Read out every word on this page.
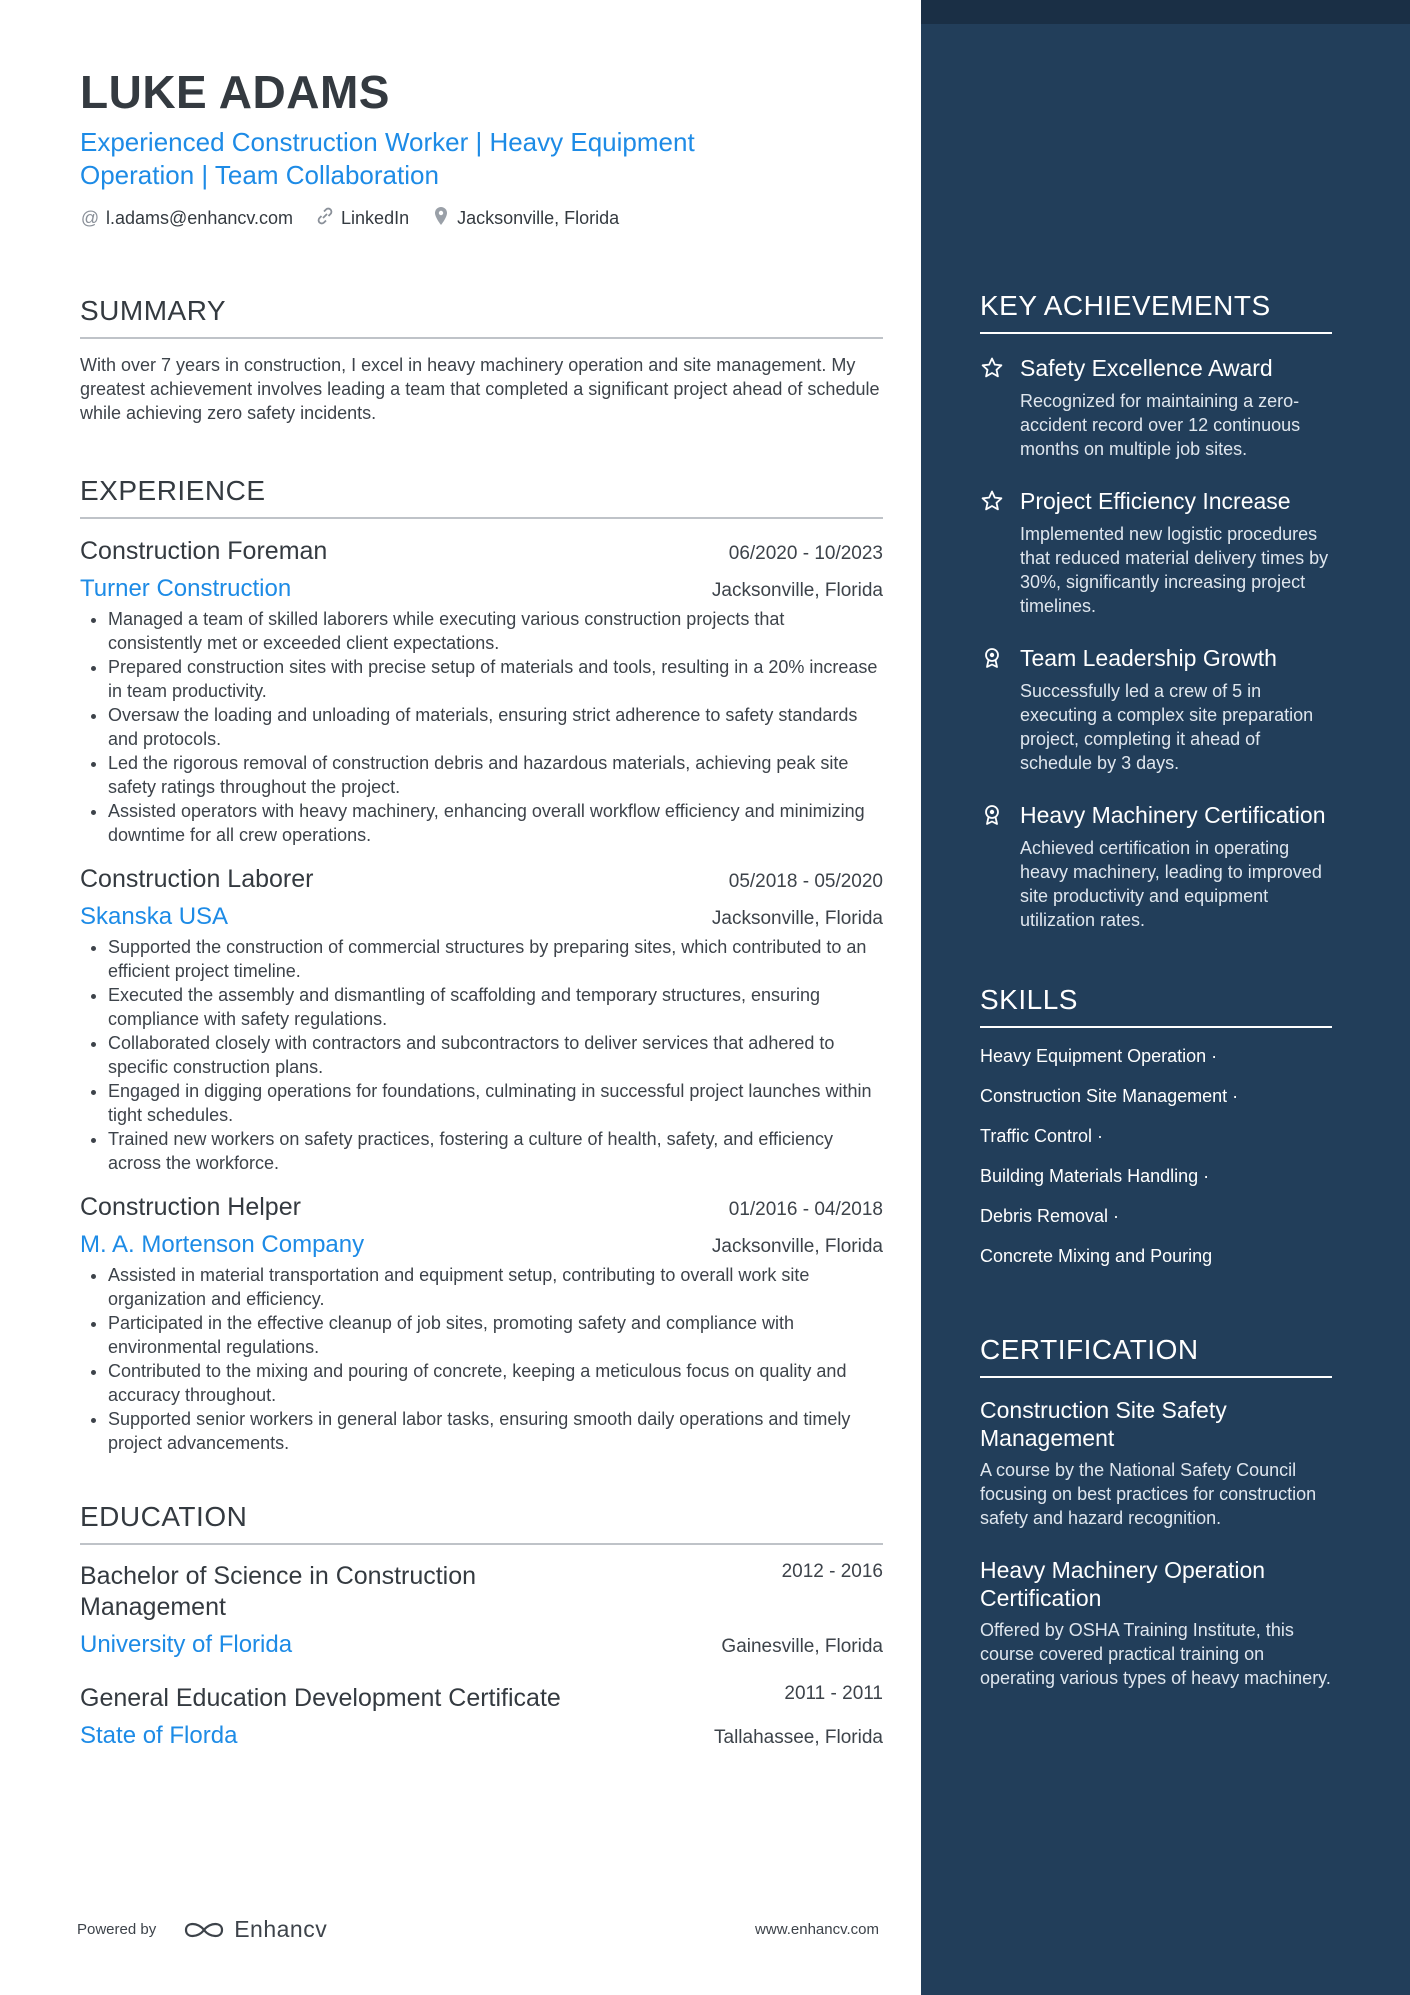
LUKE ADAMS
Experienced Construction Worker | Heavy Equipment Operation | Team Collaboration
@ l.adams@enhancv.com	LinkedIn	Jacksonville, Florida
SUMMARY
With over 7 years in construction, I excel in heavy machinery operation and site management. My greatest achievement involves leading a team that completed a significant project ahead of schedule while achieving zero safety incidents.
EXPERIENCE
Construction Foreman	06/2020 - 10/2023
Turner Construction	Jacksonville, Florida
• Managed a team of skilled laborers while executing various construction projects that consistently met or exceeded client expectations.
• Prepared construction sites with precise setup of materials and tools, resulting in a 20% increase in team productivity.
• Oversaw the loading and unloading of materials, ensuring strict adherence to safety standards and protocols.
• Led the rigorous removal of construction debris and hazardous materials, achieving peak site safety ratings throughout the project.
• Assisted operators with heavy machinery, enhancing overall workflow efficiency and minimizing downtime for all crew operations.
Construction Laborer	05/2018 - 05/2020
Skanska USA	Jacksonville, Florida
• Supported the construction of commercial structures by preparing sites, which contributed to an efficient project timeline.
• Executed the assembly and dismantling of scaffolding and temporary structures, ensuring compliance with safety regulations.
• Collaborated closely with contractors and subcontractors to deliver services that adhered to specific construction plans.
• Engaged in digging operations for foundations, culminating in successful project launches within tight schedules.
• Trained new workers on safety practices, fostering a culture of health, safety, and efficiency across the workforce.
Construction Helper	01/2016 - 04/2018
M. A. Mortenson Company	Jacksonville, Florida
• Assisted in material transportation and equipment setup, contributing to overall work site organization and efficiency.
• Participated in the effective cleanup of job sites, promoting safety and compliance with environmental regulations.
• Contributed to the mixing and pouring of concrete, keeping a meticulous focus on quality and accuracy throughout.
• Supported senior workers in general labor tasks, ensuring smooth daily operations and timely project advancements.
EDUCATION
Bachelor of Science in Construction Management
2012 - 2016
University of Florida	Gainesville, Florida
General Education Development Certificate	2011 - 2011
State of Florda	Tallahassee, Florida
Powered by	Enhancv	www.enhancv.com
KEY ACHIEVEMENTS
Safety Excellence Award
Recognized for maintaining a zero-accident record over 12 continuous months on multiple job sites.
Project Efficiency Increase
Implemented new logistic procedures that reduced material delivery times by 30%, significantly increasing project timelines.
Team Leadership Growth
Successfully led a crew of 5 in executing a complex site preparation project, completing it ahead of schedule by 3 days.
Heavy Machinery Certification
Achieved certification in operating heavy machinery, leading to improved site productivity and equipment utilization rates.
SKILLS
Heavy Equipment Operation ·
Construction Site Management ·
Traffic Control ·
Building Materials Handling ·
Debris Removal ·
Concrete Mixing and Pouring
CERTIFICATION
Construction Site Safety Management
A course by the National Safety Council focusing on best practices for construction safety and hazard recognition.
Heavy Machinery Operation Certification
Offered by OSHA Training Institute, this course covered practical training on operating various types of heavy machinery.
